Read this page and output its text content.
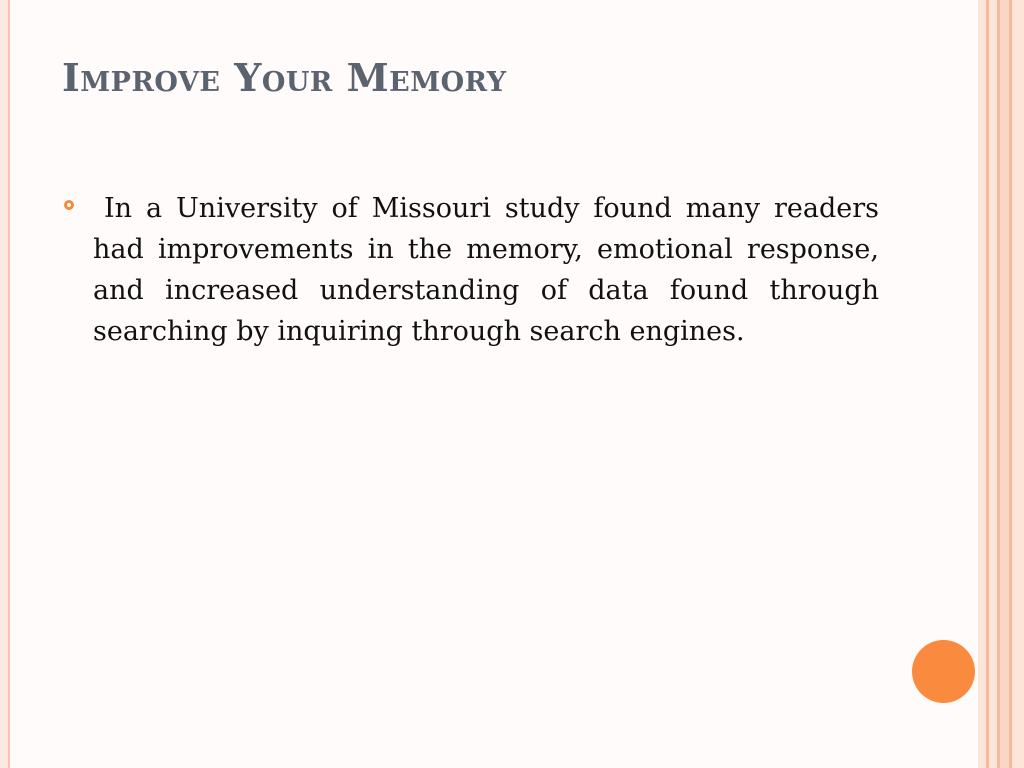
Improve Your Memory

In a University of Missouri study found many readers had improvements in the memory, emotional response, and increased understanding of data found through searching by inquiring through search engines.
